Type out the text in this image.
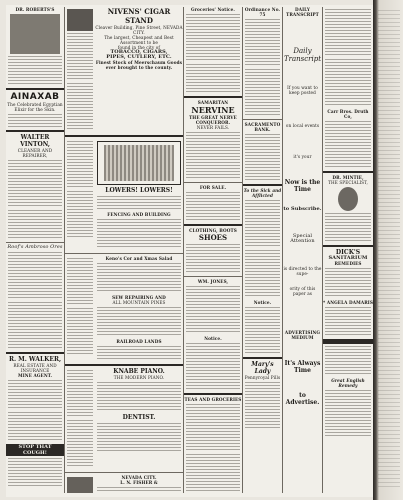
DR. ROBERTS'S
AINAXAB
The Celebrated Egyptian Elixir for the Skin.
WALTER VINTON,
CLEANER AND REPAIRER,
Roof's Ambroso Ores
R. M. WALKER,
REAL ESTATE AND INSURANCE
MINE AGENT.
STOP THAT COUGH!
NIVENS' CIGAR STAND
Cleaver Building, Pine Street, NEVADA CITY.
The largest, Cheapest and Best Assortment to be
found in the city of
TOBACCO, CIGARS,
PIPES, CUTLERY, ETC.
Finest Stock of Meerschaum Goods
ever brought to the county.
LOWERS! LOWERS!
FENCING AND BUILDING
Keno's Cor and Xmas Salad
SEW REPAIRING AND
ALL MOUNTAIN PINES
RAILROAD LANDS
KNABE PIANO.
THE MODERN PIANO.
DENTIST.
NEVADA CITY.
L. N. FISHER &
Groceries' Notice.
SAMARITAN
NERVINE
THE GREAT NERVE CONQUEROR.
NEVER FAILS.
FOR SALE.
CLOTHING, BOOTS
SHOES
WM. JONES,
Notice.
TEAS AND GROCERIES
Ordinance No. 75
SACRAMENTO BANK.
To the Sick and Afflicted
Notice.
Mary's Lady
Pennyroyal Pills
DAILY TRANSCRIPT
Daily Transcript
If you want to keep posted
on local events
it's your
Now is the Time
to Subscribe.
Special Attention
is directed to the supe-
ority of this paper as
ADVERTISING MEDIUM
It's Always Time
to Advertise.
Carr Bros. Druth Co,
DR. MINTIE,
THE SPECIALIST,
DICK'S
SANITARIUM
REMEDIES
* ANGELA DAMARIS

Great English Remedy
